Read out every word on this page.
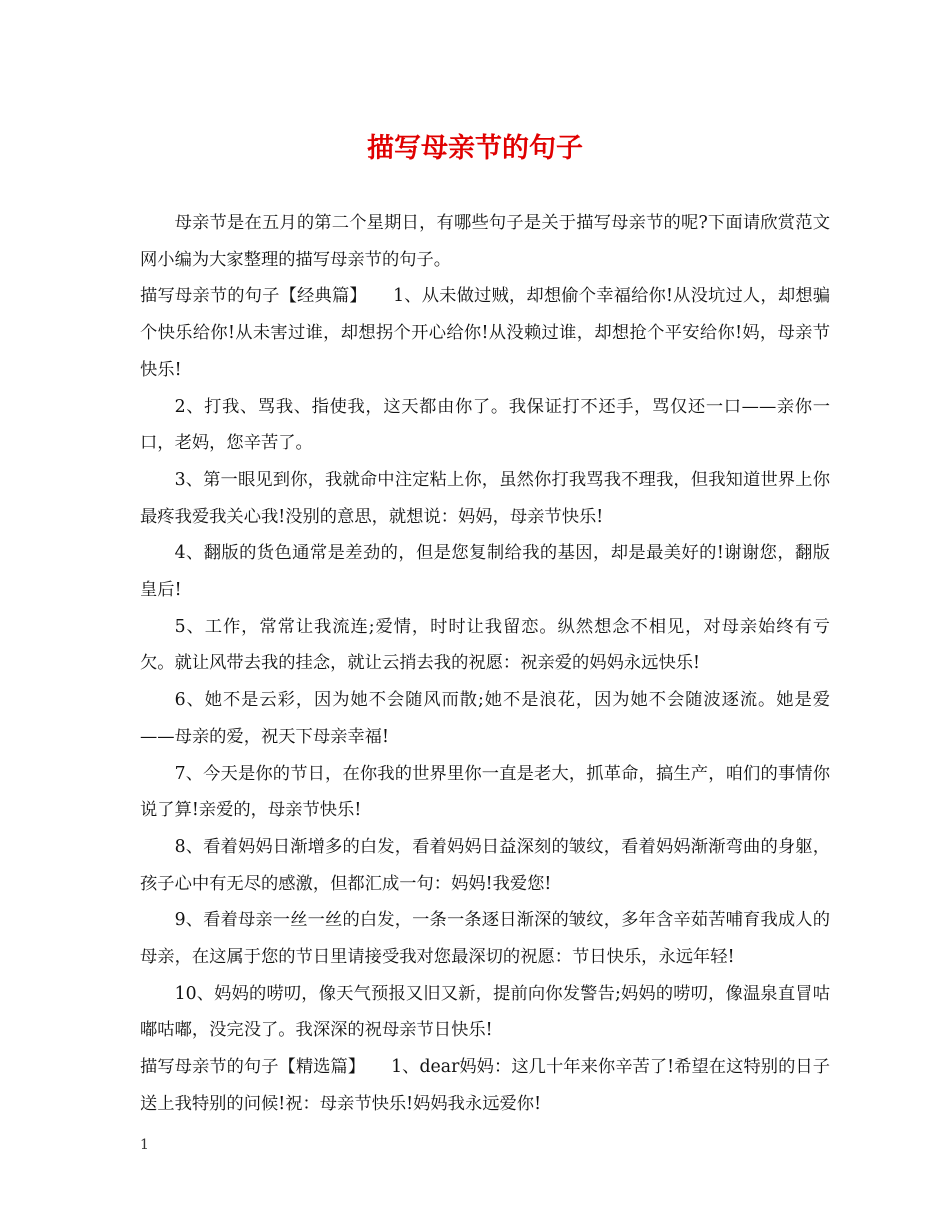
描写母亲节的句子

母亲节是在五月的第二个星期日，有哪些句子是关于描写母亲节的呢?下面请欣赏范文网小编为大家整理的描写母亲节的句子。

描写母亲节的句子【经典篇】　　1、从未做过贼，却想偷个幸福给你!从没坑过人，却想骗个快乐给你!从未害过谁，却想拐个开心给你!从没赖过谁，却想抢个平安给你!妈，母亲节快乐!

2、打我、骂我、指使我，这天都由你了。我保证打不还手，骂仅还一口——亲你一口，老妈，您辛苦了。

3、第一眼见到你，我就命中注定粘上你，虽然你打我骂我不理我，但我知道世界上你最疼我爱我关心我!没别的意思，就想说：妈妈，母亲节快乐!

4、翻版的货色通常是差劲的，但是您复制给我的基因，却是最美好的!谢谢您，翻版皇后!

5、工作，常常让我流连;爱情，时时让我留恋。纵然想念不相见，对母亲始终有亏欠。就让风带去我的挂念，就让云捎去我的祝愿：祝亲爱的妈妈永远快乐!

6、她不是云彩，因为她不会随风而散;她不是浪花，因为她不会随波逐流。她是爱——母亲的爱，祝天下母亲幸福!

7、今天是你的节日，在你我的世界里你一直是老大，抓革命，搞生产，咱们的事情你说了算!亲爱的，母亲节快乐!

8、看着妈妈日渐增多的白发，看着妈妈日益深刻的皱纹，看着妈妈渐渐弯曲的身躯，孩子心中有无尽的感激，但都汇成一句：妈妈!我爱您!

9、看着母亲一丝一丝的白发，一条一条逐日渐深的皱纹，多年含辛茹苦哺育我成人的母亲，在这属于您的节日里请接受我对您最深切的祝愿：节日快乐，永远年轻!

10、妈妈的唠叨，像天气预报又旧又新，提前向你发警告;妈妈的唠叨，像温泉直冒咕嘟咕嘟，没完没了。我深深的祝母亲节日快乐!

描写母亲节的句子【精选篇】　　1、dear妈妈：这几十年来你辛苦了!希望在这特别的日子送上我特别的问候!祝：母亲节快乐!妈妈我永远爱你!

1
